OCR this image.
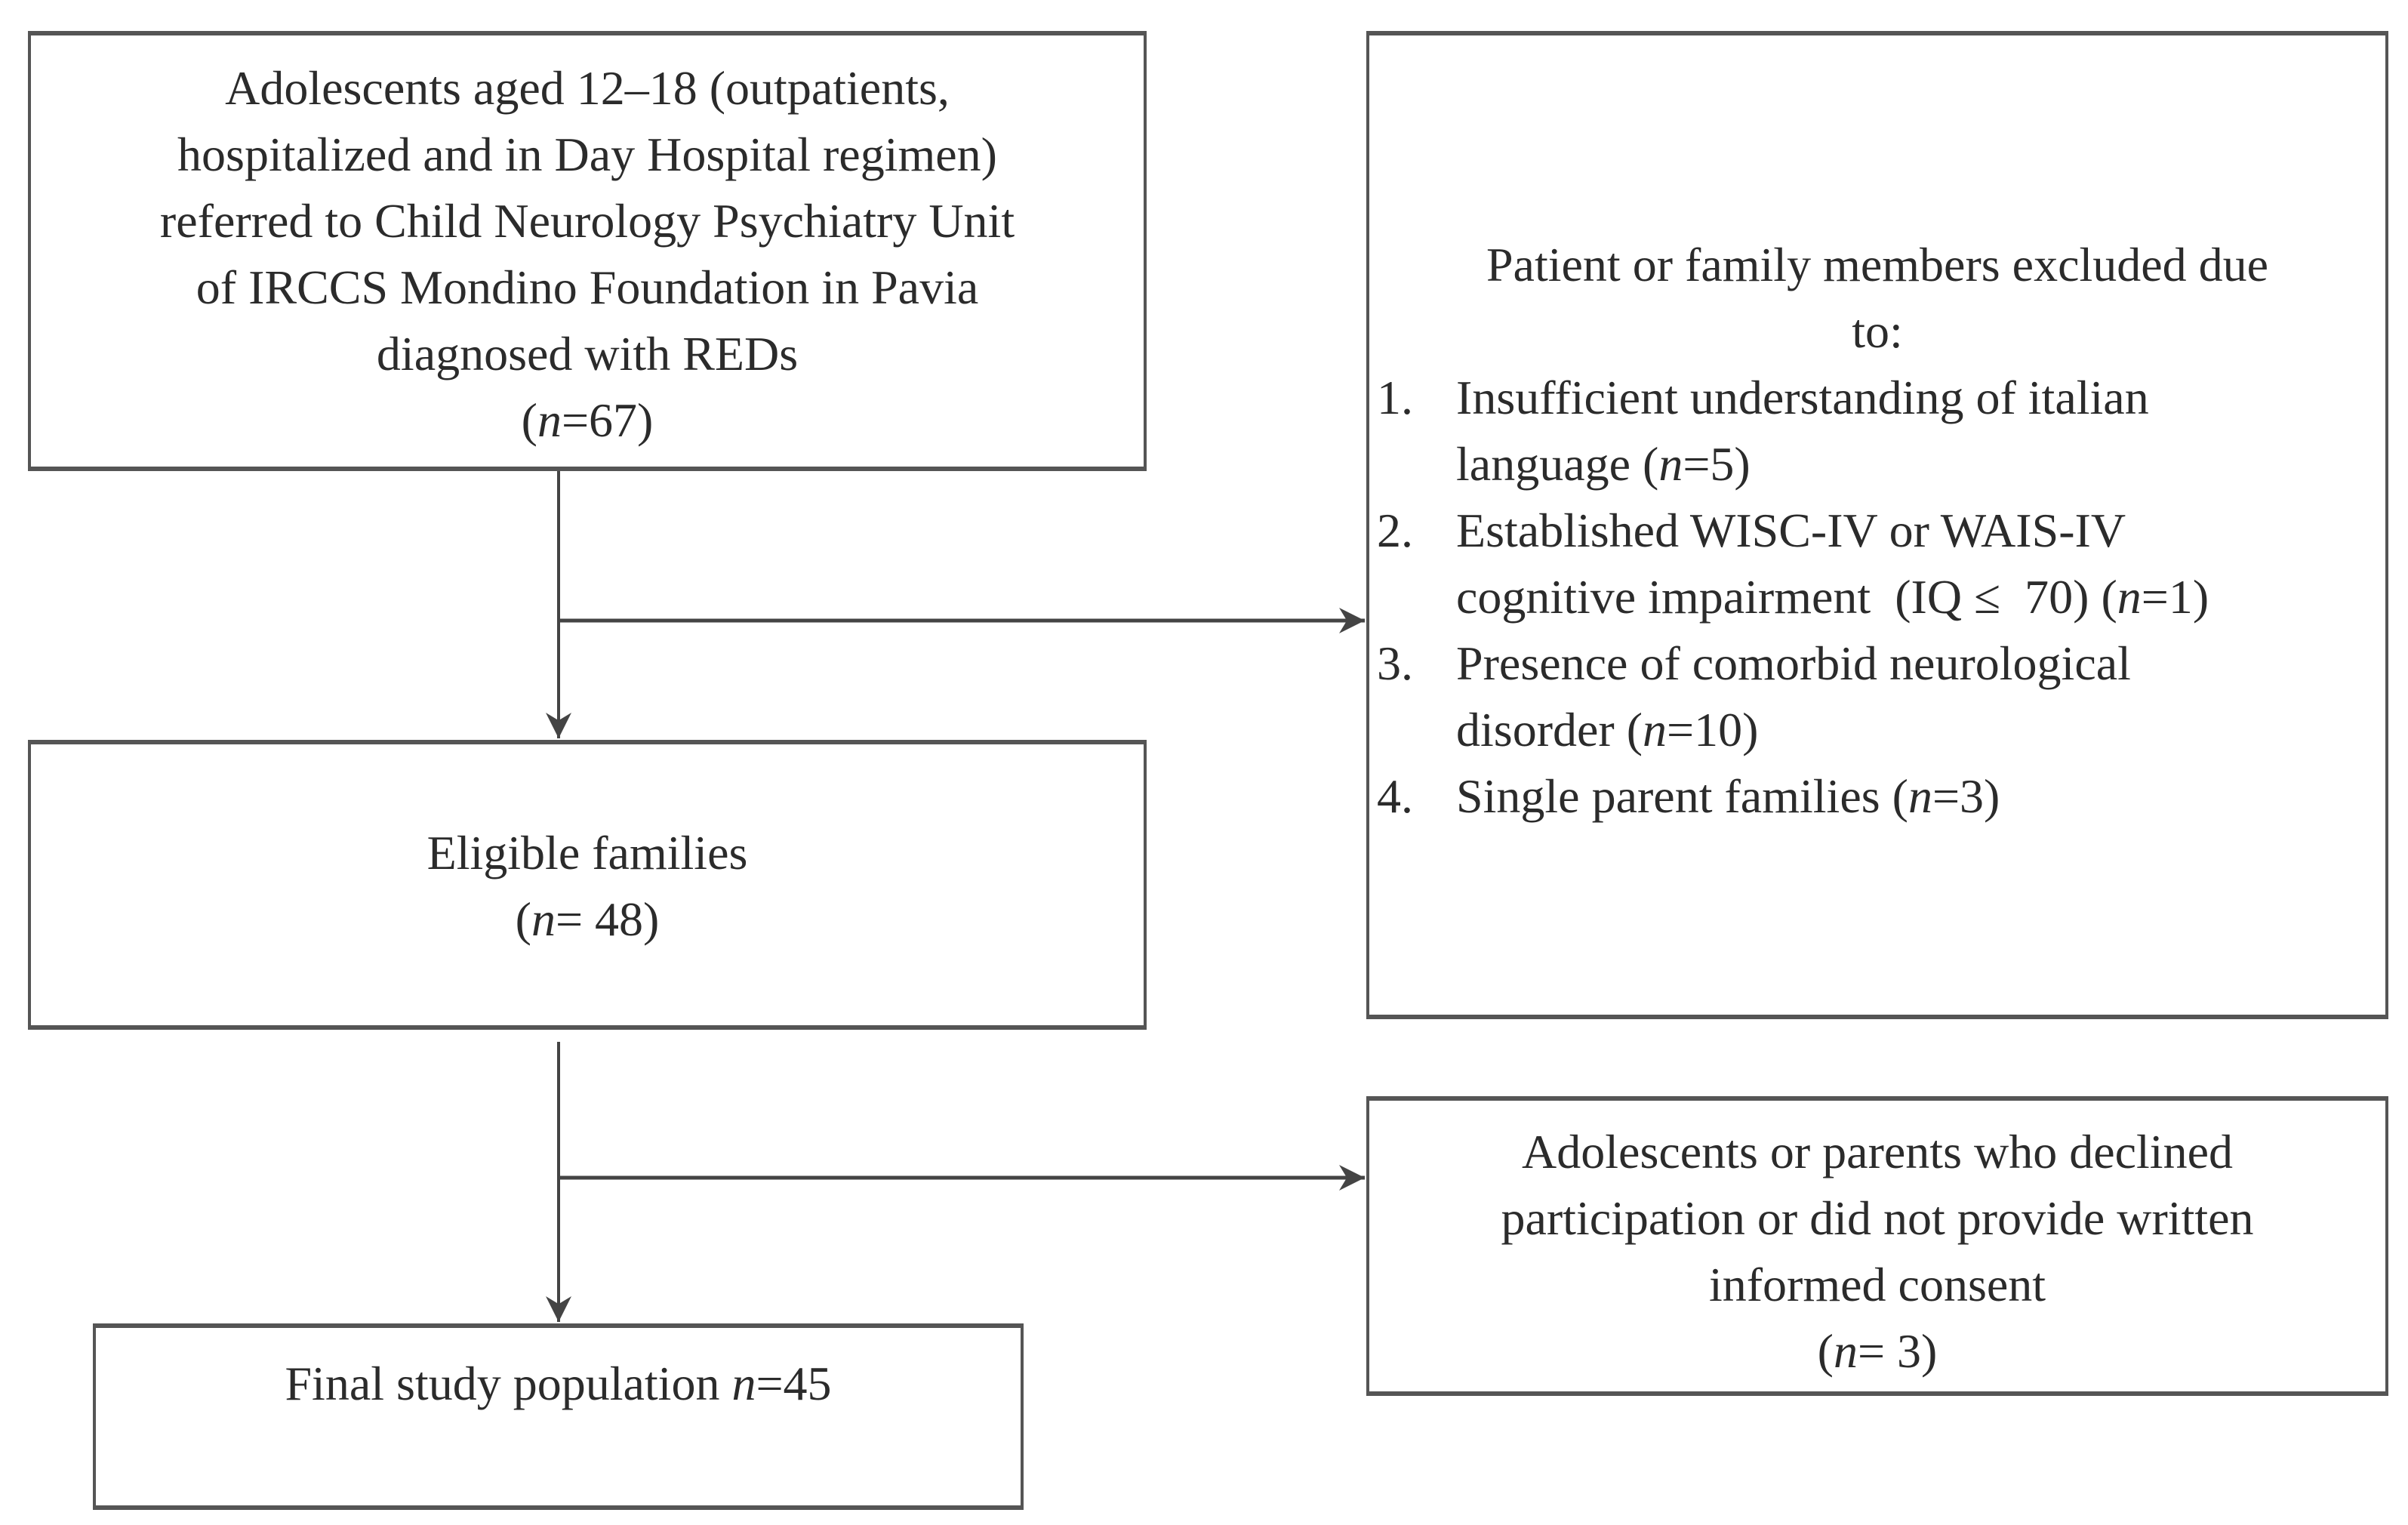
Adolescents aged 12–18 (outpatients,
hospitalized and in Day Hospital regimen)
referred to Child Neurology Psychiatry Unit
of IRCCS Mondino Foundation in Pavia
diagnosed with REDs
(n=67)
Patient or family members excluded due
to:
1. Insufficient understanding of italian
language (n=5)
2. Established WISC-IV or WAIS-IV
cognitive impairment  (IQ ≤  70) (n=1)
3. Presence of comorbid neurological
disorder (n=10)
4. Single parent families (n=3)
Eligible families
(n= 48)
Adolescents or parents who declined
participation or did not provide written
informed consent
(n= 3)
Final study population n=45
